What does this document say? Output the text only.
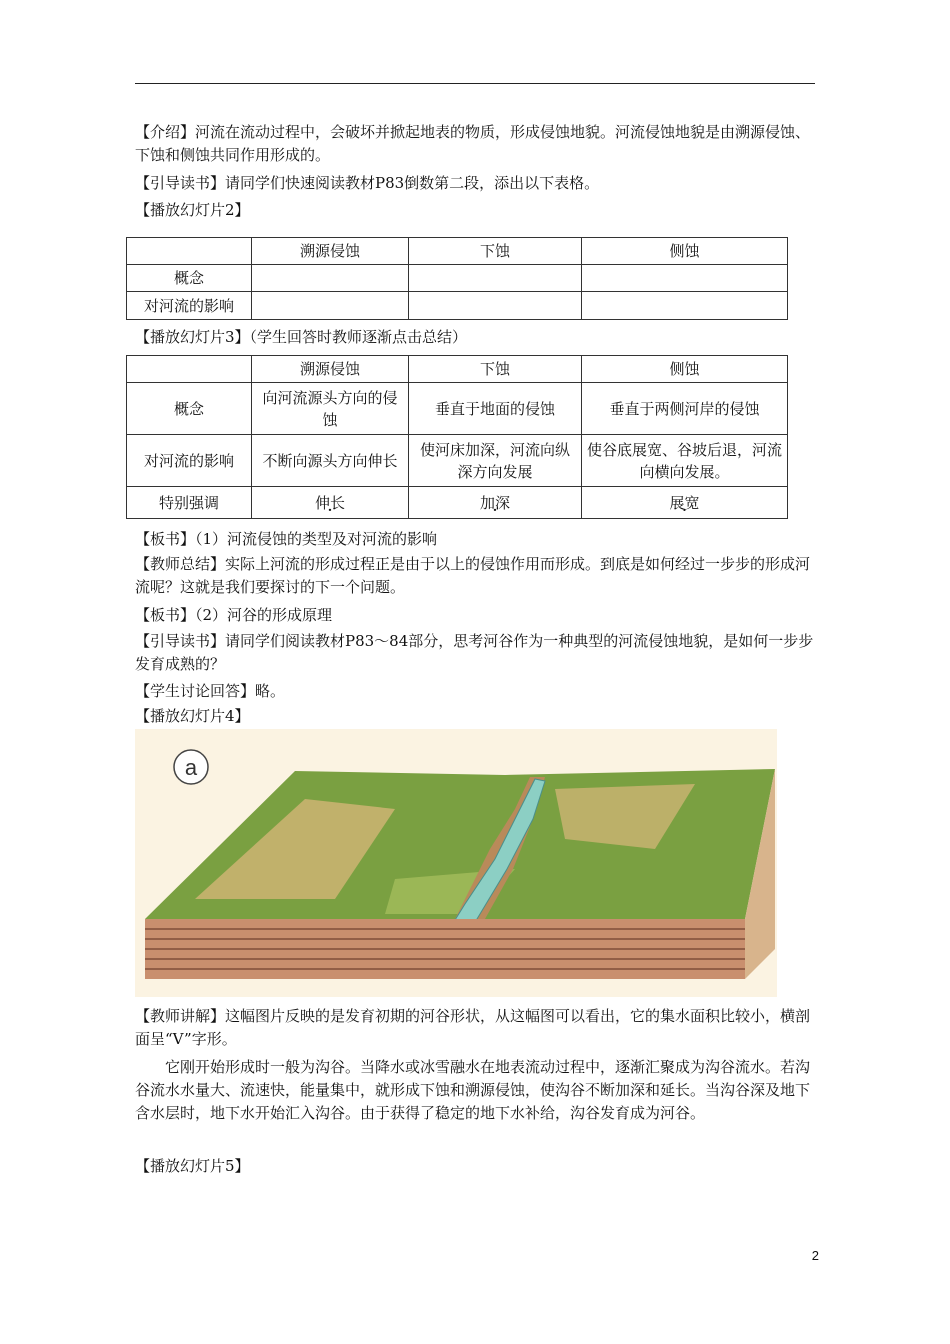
【介绍】河流在流动过程中，会破坏并掀起地表的物质，形成侵蚀地貌。河流侵蚀地貌是由溯源侵蚀、下蚀和侧蚀共同作用形成的。

【引导读书】请同学们快速阅读教材P83倒数第二段，添出以下表格。

【播放幻灯片2】

	溯源侵蚀	下蚀	侧蚀
概念			
对河流的影响			

【播放幻灯片3】（学生回答时教师逐渐点击总结）

	溯源侵蚀	下蚀	侧蚀
概念	向河流源头方向的侵蚀	垂直于地面的侵蚀	垂直于两侧河岸的侵蚀
对河流的影响	不断向源头方向伸长	使河床加深，河流向纵深方向发展	使谷底展宽、谷坡后退，河流向横向发展。
特别强调	伸长	加深	展宽

【板书】（1）河流侵蚀的类型及对河流的影响

【教师总结】实际上河流的形成过程正是由于以上的侵蚀作用而形成。到底是如何经过一步步的形成河流呢？这就是我们要探讨的下一个问题。

【板书】（2）河谷的形成原理

【引导读书】请同学们阅读教材P83～84部分，思考河谷作为一种典型的河流侵蚀地貌，是如何一步步发育成熟的？

【学生讨论回答】略。

【播放幻灯片4】

a

【教师讲解】这幅图片反映的是发育初期的河谷形状，从这幅图可以看出，它的集水面积比较小，横剖面呈“V”字形。

它刚开始形成时一般为沟谷。当降水或冰雪融水在地表流动过程中，逐渐汇聚成为沟谷流水。若沟谷流水水量大、流速快，能量集中，就形成下蚀和溯源侵蚀，使沟谷不断加深和延长。当沟谷深及地下含水层时，地下水开始汇入沟谷。由于获得了稳定的地下水补给，沟谷发育成为河谷。

【播放幻灯片5】

2
